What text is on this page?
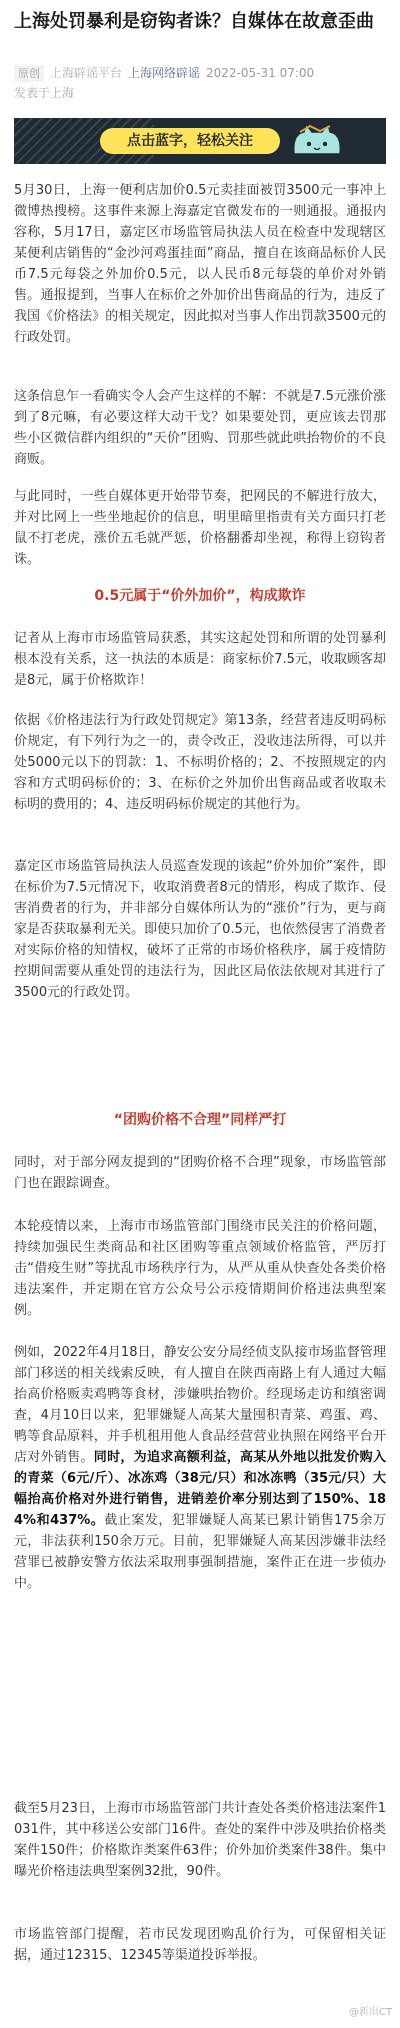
上海处罚暴利是窃钩者诛？自媒体在故意歪曲
原创 上海辟谣平台 上海网络辟谣 2022-05-31 07:00
发表于上海
点击蓝字，轻松关注

5月30日，上海一便利店加价0.5元卖挂面被罚3500元一事冲上微博热搜榜。这事件来源上海嘉定官微发布的一则通报。通报内容称，5月17日，嘉定区市场监管局执法人员在检查中发现辖区某便利店销售的“金沙河鸡蛋挂面”商品，擅自在该商品标价人民币7.5元每袋之外加价0.5元，以人民币8元每袋的单价对外销售。通报提到，当事人在标价之外加价出售商品的行为，违反了我国《价格法》的相关规定，因此拟对当事人作出罚款3500元的行政处罚。

这条信息乍一看确实令人会产生这样的不解：不就是7.5元涨价涨到了8元嘛，有必要这样大动干戈？如果要处罚，更应该去罚那些小区微信群内组织的“天价”团购、罚那些就此哄抬物价的不良商贩。

与此同时，一些自媒体更开始带节奏，把网民的不解进行放大，并对比网上一些坐地起价的信息，明里暗里指责有关方面只打老鼠不打老虎，涨价五毛就严惩，价格翻番却坐视，称得上窃钩者诛。

0.5元属于“价外加价”，构成欺诈

记者从上海市市场监管局获悉，其实这起处罚和所谓的处罚暴利根本没有关系，这一执法的本质是：商家标价7.5元，收取顾客却是8元，属于价格欺诈！

依据《价格违法行为行政处罚规定》第13条，经营者违反明码标价规定，有下列行为之一的，责令改正，没收违法所得，可以并处5000元以下的罚款：1、不标明价格的；2、不按照规定的内容和方式明码标价的；3、在标价之外加价出售商品或者收取未标明的费用的；4、违反明码标价规定的其他行为。

嘉定区市场监管局执法人员巡查发现的该起“价外加价”案件，即在标价为7.5元情况下，收取消费者8元的情形，构成了欺诈、侵害消费者的行为，并非部分自媒体所认为的“涨价”行为，更与商家是否获取暴利无关。即使只加价了0.5元，也依然侵害了消费者对实际价格的知情权，破坏了正常的市场价格秩序，属于疫情防控期间需要从重处罚的违法行为，因此区局依法依规对其进行了3500元的行政处罚。

“团购价格不合理”同样严打

同时，对于部分网友提到的“团购价格不合理”现象，市场监管部门也在跟踪调查。

本轮疫情以来，上海市市场监管部门围绕市民关注的价格问题，持续加强民生类商品和社区团购等重点领域价格监管，严厉打击“借疫生财”等扰乱市场秩序行为，从严从重从快查处各类价格违法案件，并定期在官方公众号公示疫情期间价格违法典型案例。

例如，2022年4月18日，静安公安分局经侦支队接市场监督管理部门移送的相关线索反映，有人擅自在陕西南路上有人通过大幅抬高价格贩卖鸡鸭等食材，涉嫌哄抬物价。经现场走访和缜密调查，4月10日以来，犯罪嫌疑人高某大量囤积青菜、鸡蛋、鸡、鸭等食品原料，并手机租用他人食品经营营业执照在网络平台开店对外销售。同时，为追求高额利益，高某从外地以批发价购入的青菜（6元/斤）、冰冻鸡（38元/只）和冰冻鸭（35元/只）大幅抬高价格对外进行销售，进销差价率分别达到了150%、184%和437%。截止案发，犯罪嫌疑人高某已累计销售175余万元，非法获利150余万元。目前，犯罪嫌疑人高某因涉嫌非法经营罪已被静安警方依法采取刑事强制措施，案件正在进一步侦办中。

截至5月23日，上海市市场监管部门共计查处各类价格违法案件1031件，其中移送公安部门16件。查处的案件中涉及哄抬价格类案件150件；价格欺诈类案件63件；价外加价类案件38件。集中曝光价格违法典型案例32批，90件。

市场监管部门提醒，若市民发现团购乱价行为，可保留相关证据，通过12315、12345等渠道投诉举报。

@新出CT
